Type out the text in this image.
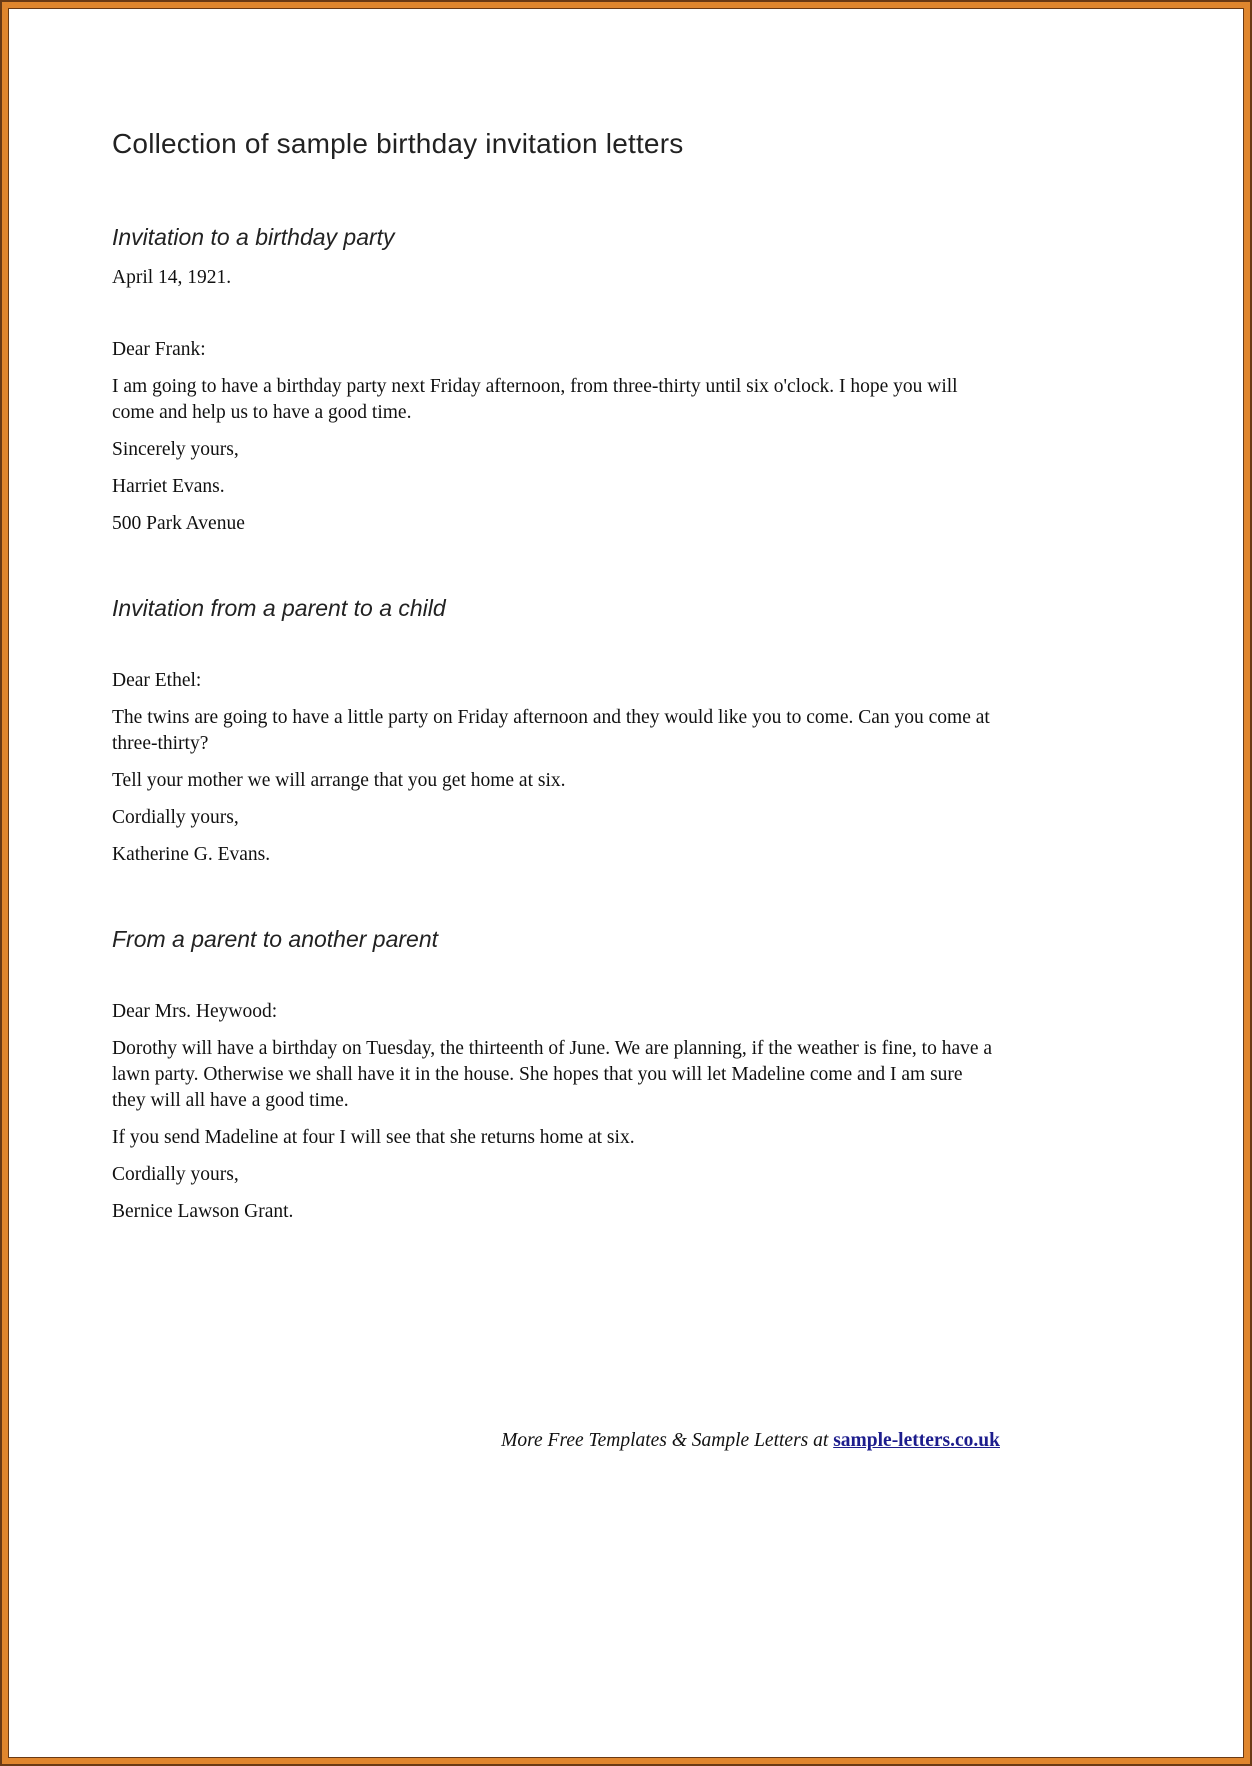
Collection of sample birthday invitation letters
Invitation to a birthday party

April 14, 1921.

Dear Frank:

I am going to have a birthday party next Friday afternoon, from three-thirty until six o'clock. I hope you will come and help us to have a good time.

Sincerely yours,

Harriet Evans.

500 Park Avenue

Invitation from a parent to a child

Dear Ethel:

The twins are going to have a little party on Friday afternoon and they would like you to come. Can you come at three-thirty?

Tell your mother we will arrange that you get home at six.

Cordially yours,

Katherine G. Evans.

From a parent to another parent

Dear Mrs. Heywood:

Dorothy will have a birthday on Tuesday, the thirteenth of June. We are planning, if the weather is fine, to have a lawn party. Otherwise we shall have it in the house. She hopes that you will let Madeline come and I am sure they will all have a good time.

If you send Madeline at four I will see that she returns home at six.

Cordially yours,

Bernice Lawson Grant.

More Free Templates & Sample Letters at sample-letters.co.uk
